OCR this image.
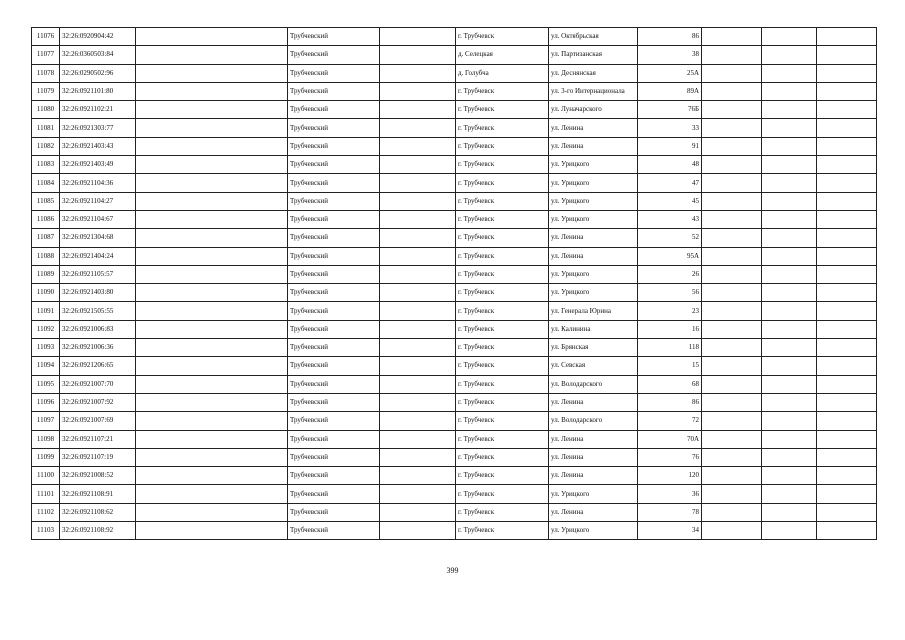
11076	32:26:0920904:42		Трубчевский		г. Трубчевск	ул. Октябрьская	86			
11077	32:26:0360503:84		Трубчевский		д. Селецкая	ул. Партизанская	38			
11078	32:26:0290502:96		Трубчевский		д. Голубча	ул. Деснянская	25А			
11079	32:26:0921101:80		Трубчевский		г. Трубчевск	ул. 3-го Интернационала	89А			
11080	32:26:0921102:21		Трубчевский		г. Трубчевск	ул. Луначарского	76Б			
11081	32:26:0921303:77		Трубчевский		г. Трубчевск	ул. Ленина	33			
11082	32:26:0921403:43		Трубчевский		г. Трубчевск	ул. Ленина	91			
11083	32:26:0921403:49		Трубчевский		г. Трубчевск	ул. Урицкого	48			
11084	32:26:0921104:36		Трубчевский		г. Трубчевск	ул. Урицкого	47			
11085	32:26:0921104:27		Трубчевский		г. Трубчевск	ул. Урицкого	45			
11086	32:26:0921104:67		Трубчевский		г. Трубчевск	ул. Урицкого	43			
11087	32:26:0921304:68		Трубчевский		г. Трубчевск	ул. Ленина	52			
11088	32:26:0921404:24		Трубчевский		г. Трубчевск	ул. Ленина	95А			
11089	32:26:0921105:57		Трубчевский		г. Трубчевск	ул. Урицкого	26			
11090	32:26:0921403:80		Трубчевский		г. Трубчевск	ул. Урицкого	56			
11091	32:26:0921505:55		Трубчевский		г. Трубчевск	ул. Генерала Юрина	23			
11092	32:26:0921006:83		Трубчевский		г. Трубчевск	ул. Калинина	16			
11093	32:26:0921006:36		Трубчевский		г. Трубчевск	ул. Брянская	118			
11094	32:26:0921206:65		Трубчевский		г. Трубчевск	ул. Севская	15			
11095	32:26:0921007:70		Трубчевский		г. Трубчевск	ул. Володарского	68			
11096	32:26:0921007:92		Трубчевский		г. Трубчевск	ул. Ленина	86			
11097	32:26:0921007:69		Трубчевский		г. Трубчевск	ул. Володарского	72			
11098	32:26:0921107:21		Трубчевский		г. Трубчевск	ул. Ленина	70А			
11099	32:26:0921107:19		Трубчевский		г. Трубчевск	ул. Ленина	76			
11100	32:26:0921008:52		Трубчевский		г. Трубчевск	ул. Ленина	120			
11101	32:26:0921108:91		Трубчевский		г. Трубчевск	ул. Урицкого	36			
11102	32:26:0921108:62		Трубчевский		г. Трубчевск	ул. Ленина	78			
11103	32:26:0921108:92		Трубчевский		г. Трубчевск	ул. Урицкого	34			
399
